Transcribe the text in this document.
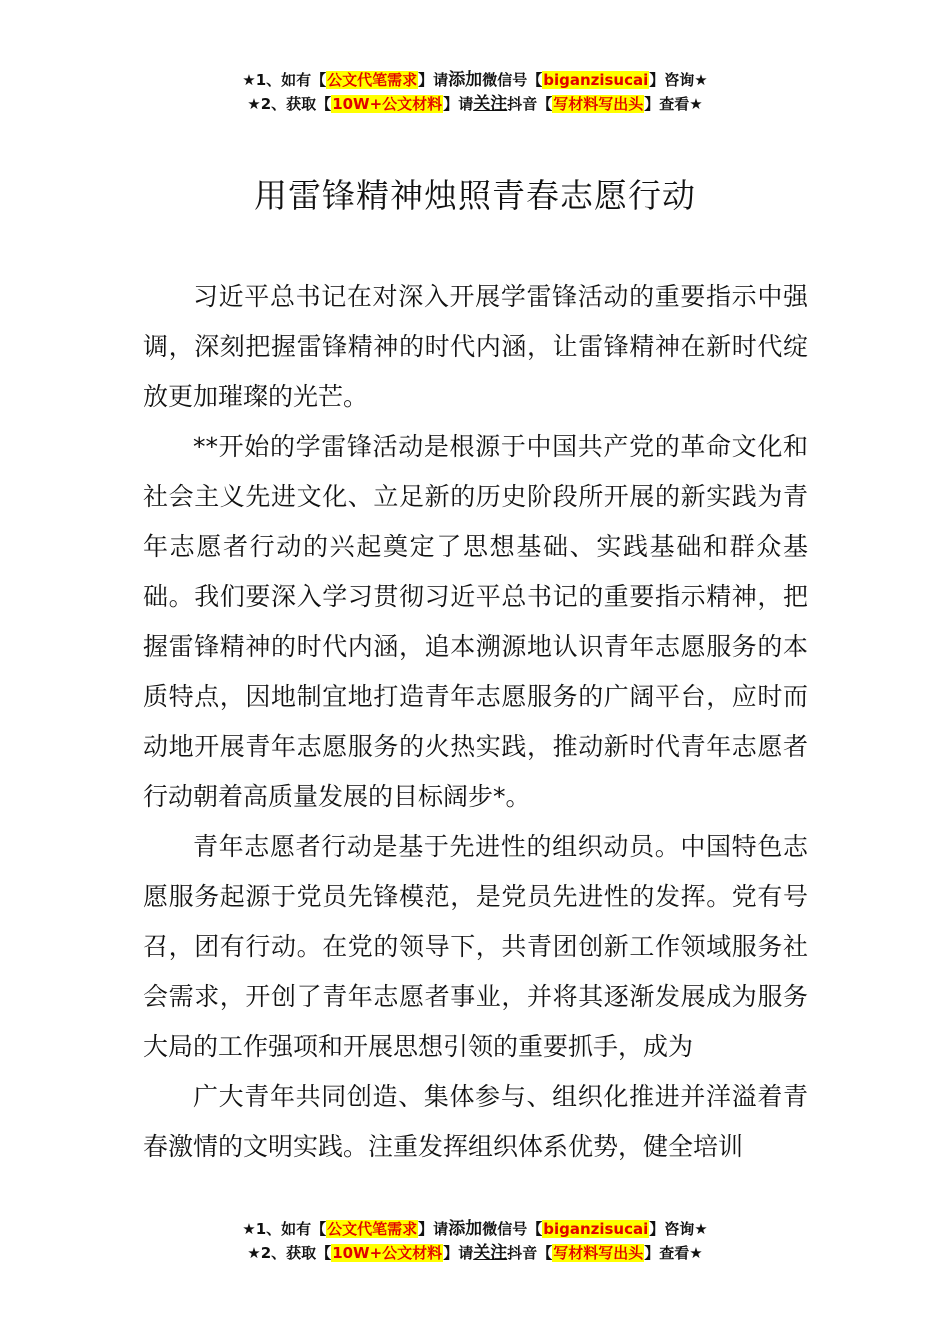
★1、如有【公文代笔需求】请添加微信号【biganzisucai】咨询★
★2、获取【10W+公文材料】请关注抖音【写材料写出头】查看★
用雷锋精神烛照青春志愿行动

习近平总书记在对深入开展学雷锋活动的重要指示中强调，深刻把握雷锋精神的时代内涵，让雷锋精神在新时代绽放更加璀璨的光芒。

**开始的学雷锋活动是根源于中国共产党的革命文化和社会主义先进文化、立足新的历史阶段所开展的新实践为青年志愿者行动的兴起奠定了思想基础、实践基础和群众基础。我们要深入学习贯彻习近平总书记的重要指示精神，把握雷锋精神的时代内涵，追本溯源地认识青年志愿服务的本质特点，因地制宜地打造青年志愿服务的广阔平台，应时而动地开展青年志愿服务的火热实践，推动新时代青年志愿者行动朝着高质量发展的目标阔步*。

青年志愿者行动是基于先进性的组织动员。中国特色志愿服务起源于党员先锋模范，是党员先进性的发挥。党有号召，团有行动。在党的领导下，共青团创新工作领域服务社会需求，开创了青年志愿者事业，并将其逐渐发展成为服务大局的工作强项和开展思想引领的重要抓手，成为

广大青年共同创造、集体参与、组织化推进并洋溢着青春激情的文明实践。注重发挥组织体系优势，健全培训

★1、如有【公文代笔需求】请添加微信号【biganzisucai】咨询★
★2、获取【10W+公文材料】请关注抖音【写材料写出头】查看★
